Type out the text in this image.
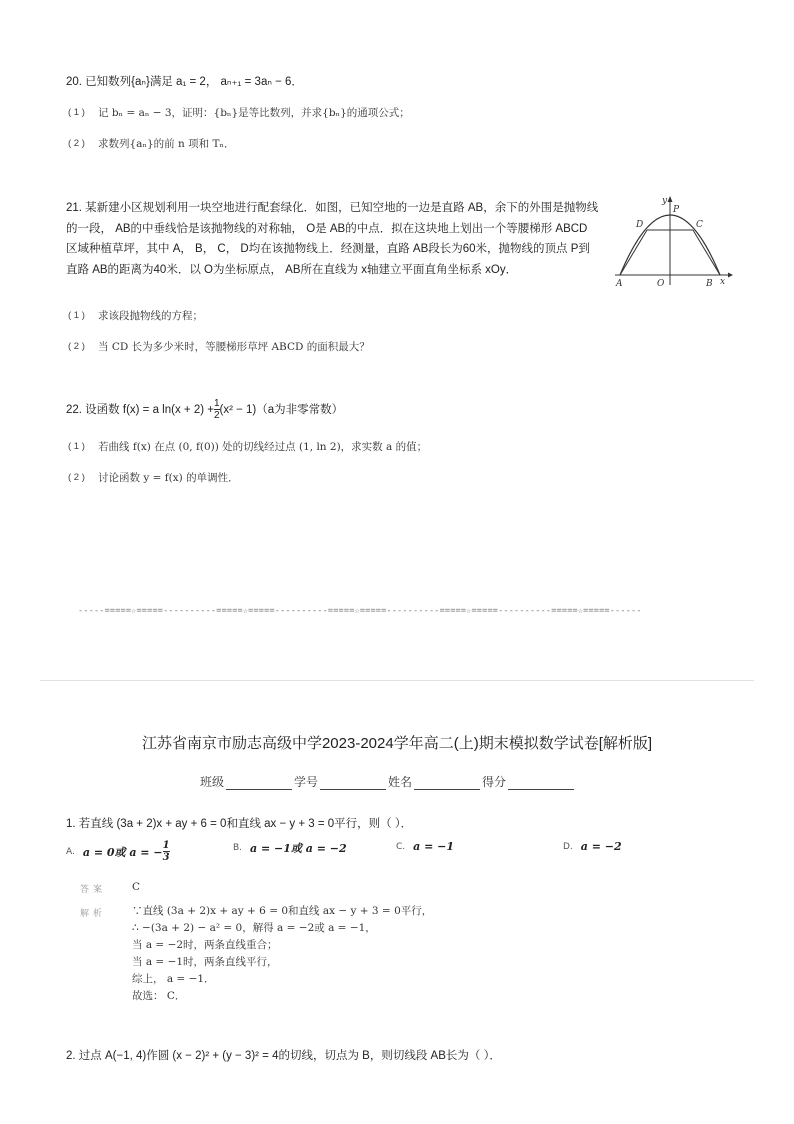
20. 已知数列{aₙ}满足 a₁ = 2， aₙ₊₁ = 3aₙ − 6．
( 1 )	记 bₙ = aₙ − 3，证明：{bₙ}是等比数列，并求{bₙ}的通项公式；
( 2 )	求数列{aₙ}的前 n 项和 Tₙ．
21. 某新建小区规划利用一块空地进行配套绿化．如图，已知空地的一边是直路 AB，余下的外围是抛物线
的一段， AB的中垂线恰是该抛物线的对称轴， O是 AB的中点．拟在这块地上划出一个等腰梯形 ABCD
区域种植草坪，其中 A， B， C， D均在该抛物线上．经测量，直路 AB段长为60米，抛物线的顶点 P到
直路 AB的距离为40米．以 O为坐标原点， AB所在直线为 x轴建立平面直角坐标系 xOy．
y
P
D	C
A	O	B x
( 1 )	求该段抛物线的方程；
( 2 )	当 CD 长为多少米时，等腰梯形草坪 ABCD 的面积最大？
22. 设函数 f(x) = a $\ln(x + 2) + \frac{1}{2} (x^2 - 1)(a$为非零常数）
( 1 )	若曲线 f(x) 在点 (0, f(0)) 处的切线经过点 (1, ln 2)，求实数 a 的值；
( 2 )	讨论函数 y = f(x) 的单调性．
-----=====☆=====----------=====☆=====----------=====☆=====----------=====☆=====----------=====☆=====------
江苏省南京市励志高级中学2023-2024学年高二(上)期末模拟数学试卷[解析版]
班级	学号	姓名	得分
1. 若直线 (3a + 2)x + ay + 6 = 0和直线 ax − y + 3 = 0平行，则（ ）．
A. a = 0或 a = − $\frac{1}{3}$	B. a = −1或 a = −2	C. a = −1	D. a = −2
答案 C
解析 ∵直线 (3a + 2)x + ay + 6 = 0和直线 ax − y + 3 = 0平行，
∴ −(3a + 2) − a² = 0，解得 a = −2或 a = −1，
当 a = −2时，两条直线重合；
当 a = −1时，两条直线平行，
综上， a = −1．
故选： C．
2. 过点 A(−1, 4)作圆 (x − 2)² + (y − 3)² = 4的切线，切点为 B，则切线段 AB长为（ ）．
